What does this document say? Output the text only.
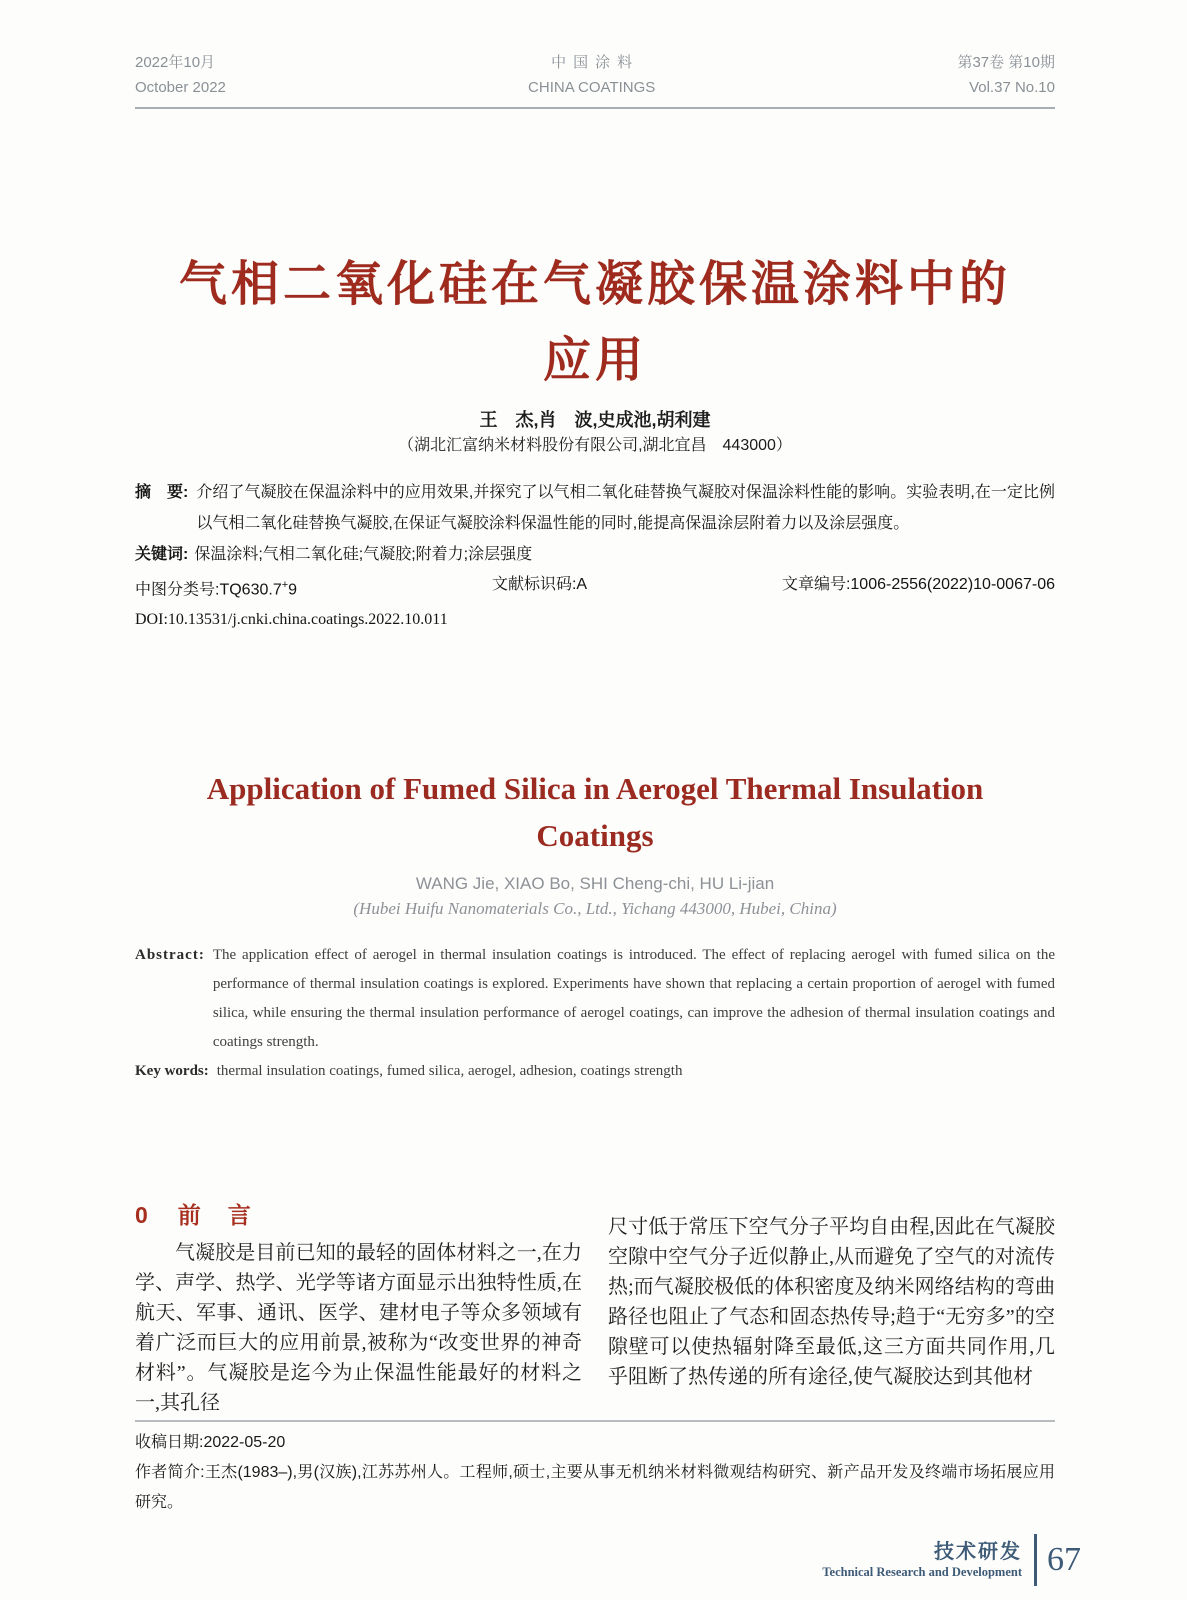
2022年10月
October 2022
中国涂料
CHINA COATINGS
第37卷 第10期
Vol.37 No.10
气相二氧化硅在气凝胶保温涂料中的
应用
王　杰,肖　波,史成池,胡利建
（湖北汇富纳米材料股份有限公司,湖北宜昌　443000）
摘　要: 介绍了气凝胶在保温涂料中的应用效果,并探究了以气相二氧化硅替换气凝胶对保温涂料性能的影响。实验表明,在一定比例以气相二氧化硅替换气凝胶,在保证气凝胶涂料保温性能的同时,能提高保温涂层附着力以及涂层强度。
关键词: 保温涂料;气相二氧化硅;气凝胶;附着力;涂层强度
中图分类号:TQ630.7+9	文献标识码:A	文章编号:1006-2556(2022)10-0067-06
DOI:10.13531/j.cnki.china.coatings.2022.10.011
Application of Fumed Silica in Aerogel Thermal Insulation
Coatings
WANG Jie, XIAO Bo, SHI Cheng-chi, HU Li-jian
(Hubei Huifu Nanomaterials Co., Ltd., Yichang 443000, Hubei, China)
Abstract: The application effect of aerogel in thermal insulation coatings is introduced. The effect of replacing aerogel with fumed silica on the performance of thermal insulation coatings is explored. Experiments have shown that replacing a certain proportion of aerogel with fumed silica, while ensuring the thermal insulation performance of aerogel coatings, can improve the adhesion of thermal insulation coatings and coatings strength.
Key words: thermal insulation coatings, fumed silica, aerogel, adhesion, coatings strength
0 前　言

气凝胶是目前已知的最轻的固体材料之一,在力学、声学、热学、光学等诸方面显示出独特性质,在航天、军事、通讯、医学、建材电子等众多领域有着广泛而巨大的应用前景,被称为“改变世界的神奇材料”。气凝胶是迄今为止保温性能最好的材料之一,其孔径

尺寸低于常压下空气分子平均自由程,因此在气凝胶空隙中空气分子近似静止,从而避免了空气的对流传热;而气凝胶极低的体积密度及纳米网络结构的弯曲路径也阻止了气态和固态热传导;趋于“无穷多”的空隙壁可以使热辐射降至最低,这三方面共同作用,几乎阻断了热传递的所有途径,使气凝胶达到其他材

收稿日期:2022-05-20
作者简介:王杰(1983–),男(汉族),江苏苏州人。工程师,硕士,主要从事无机纳米材料微观结构研究、新产品开发及终端市场拓展应用研究。
技术研发
Technical Research and Development 67
